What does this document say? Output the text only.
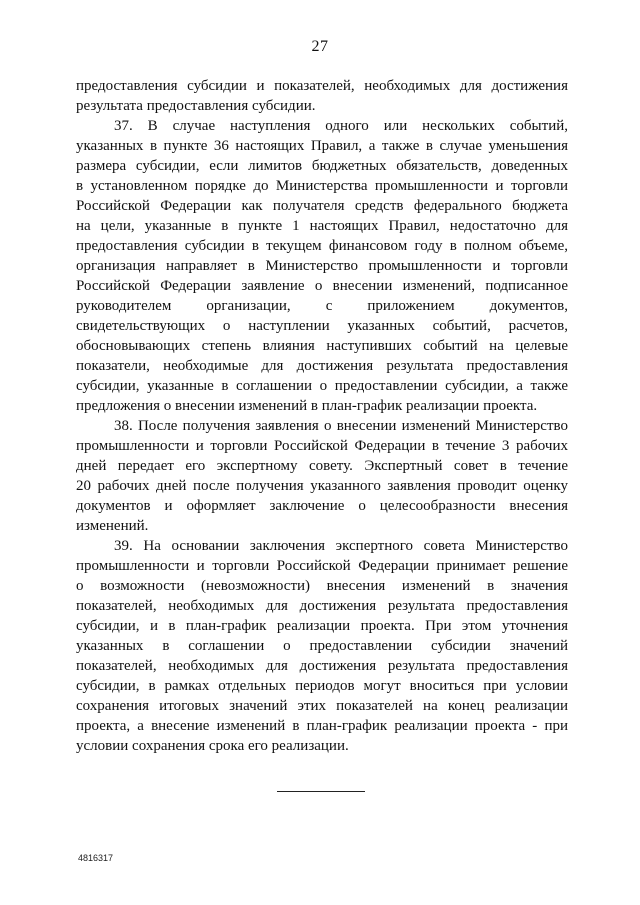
27
предоставления субсидии и показателей, необходимых для достижения
результата предоставления субсидии.
37. В случае наступления одного или нескольких событий,
указанных в пункте 36 настоящих Правил, а также в случае уменьшения
размера субсидии, если лимитов бюджетных обязательств, доведенных
в установленном порядке до Министерства промышленности и торговли
Российской Федерации как получателя средств федерального бюджета
на цели, указанные в пункте 1 настоящих Правил, недостаточно для
предоставления субсидии в текущем финансовом году в полном объеме,
организация направляет в Министерство промышленности и торговли
Российской Федерации заявление о внесении изменений, подписанное
руководителем организации, с приложением документов,
свидетельствующих о наступлении указанных событий, расчетов,
обосновывающих степень влияния наступивших событий на целевые
показатели, необходимые для достижения результата предоставления
субсидии, указанные в соглашении о предоставлении субсидии, а также
предложения о внесении изменений в план-график реализации проекта.
38. После получения заявления о внесении изменений Министерство
промышленности и торговли Российской Федерации в течение 3 рабочих
дней передает его экспертному совету. Экспертный совет в течение
20 рабочих дней после получения указанного заявления проводит оценку
документов и оформляет заключение о целесообразности внесения
изменений.
39. На основании заключения экспертного совета Министерство
промышленности и торговли Российской Федерации принимает решение
о возможности (невозможности) внесения изменений в значения
показателей, необходимых для достижения результата предоставления
субсидии, и в план-график реализации проекта. При этом уточнения
указанных в соглашении о предоставлении субсидии значений
показателей, необходимых для достижения результата предоставления
субсидии, в рамках отдельных периодов могут вноситься при условии
сохранения итоговых значений этих показателей на конец реализации
проекта, а внесение изменений в план-график реализации проекта - при
условии сохранения срока его реализации.
4816317
